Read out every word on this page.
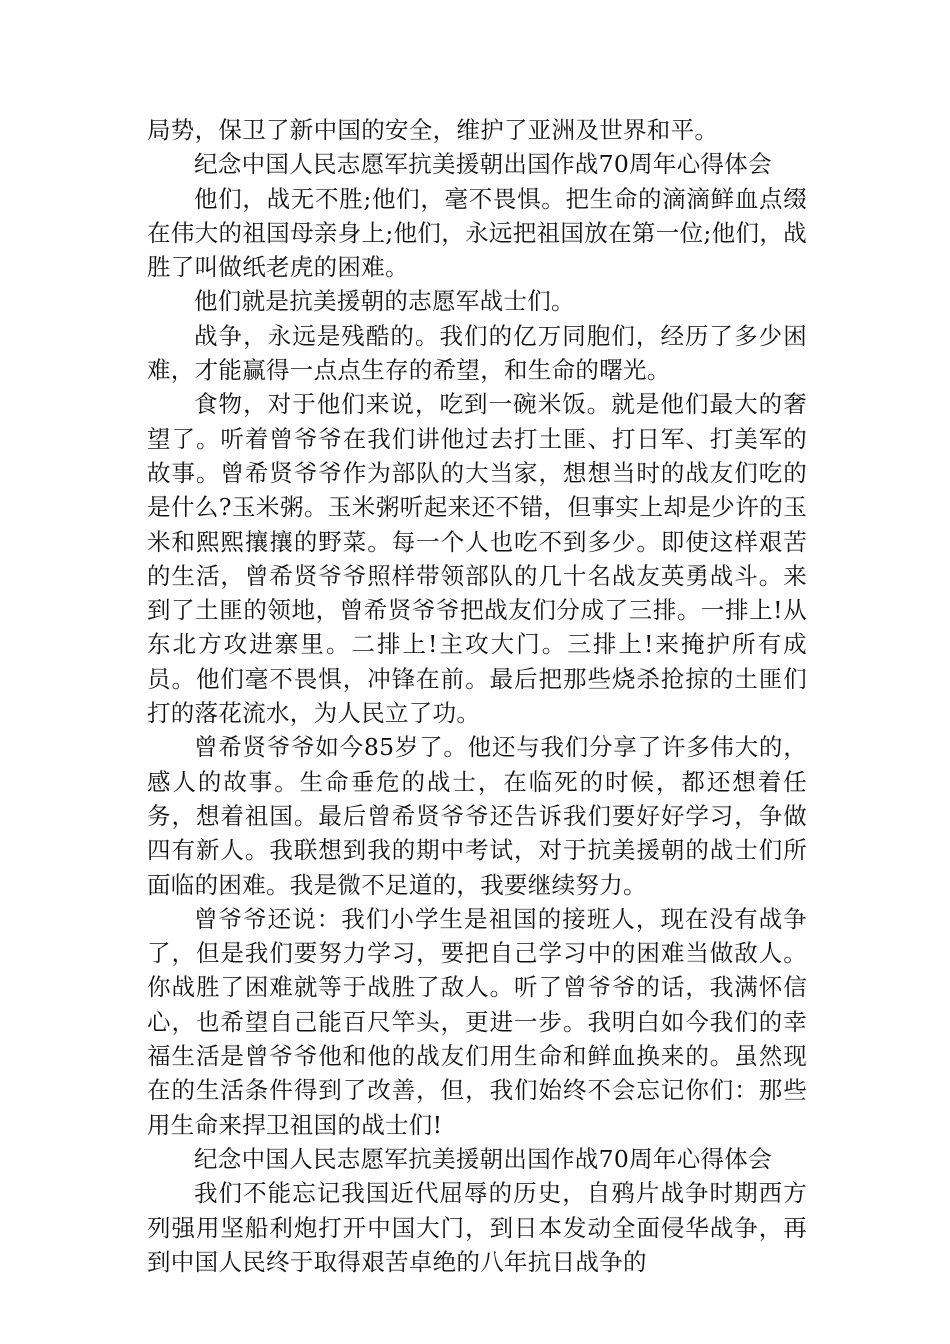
局势，保卫了新中国的安全，维护了亚洲及世界和平。

纪念中国人民志愿军抗美援朝出国作战70周年心得体会

他们，战无不胜;他们，毫不畏惧。把生命的滴滴鲜血点缀在伟大的祖国母亲身上;他们，永远把祖国放在第一位;他们，战胜了叫做纸老虎的困难。

他们就是抗美援朝的志愿军战士们。

战争，永远是残酷的。我们的亿万同胞们，经历了多少困难，才能赢得一点点生存的希望，和生命的曙光。

食物，对于他们来说，吃到一碗米饭。就是他们最大的奢望了。听着曾爷爷在我们讲他过去打土匪、打日军、打美军的故事。曾希贤爷爷作为部队的大当家，想想当时的战友们吃的是什么?玉米粥。玉米粥听起来还不错，但事实上却是少许的玉米和熙熙攘攘的野菜。每一个人也吃不到多少。即使这样艰苦的生活，曾希贤爷爷照样带领部队的几十名战友英勇战斗。来到了土匪的领地，曾希贤爷爷把战友们分成了三排。一排上!从东北方攻进寨里。二排上!主攻大门。三排上!来掩护所有成员。他们毫不畏惧，冲锋在前。最后把那些烧杀抢掠的土匪们打的落花流水，为人民立了功。

曾希贤爷爷如今85岁了。他还与我们分享了许多伟大的，感人的故事。生命垂危的战士，在临死的时候，都还想着任务，想着祖国。最后曾希贤爷爷还告诉我们要好好学习，争做四有新人。我联想到我的期中考试，对于抗美援朝的战士们所面临的困难。我是微不足道的，我要继续努力。

曾爷爷还说：我们小学生是祖国的接班人，现在没有战争了，但是我们要努力学习，要把自己学习中的困难当做敌人。你战胜了困难就等于战胜了敌人。听了曾爷爷的话，我满怀信心，也希望自己能百尺竿头，更进一步。我明白如今我们的幸福生活是曾爷爷他和他的战友们用生命和鲜血换来的。虽然现在的生活条件得到了改善，但，我们始终不会忘记你们：那些用生命来捍卫祖国的战士们!

纪念中国人民志愿军抗美援朝出国作战70周年心得体会

我们不能忘记我国近代屈辱的历史，自鸦片战争时期西方列强用坚船利炮打开中国大门，到日本发动全面侵华战争，再到中国人民终于取得艰苦卓绝的八年抗日战争的
